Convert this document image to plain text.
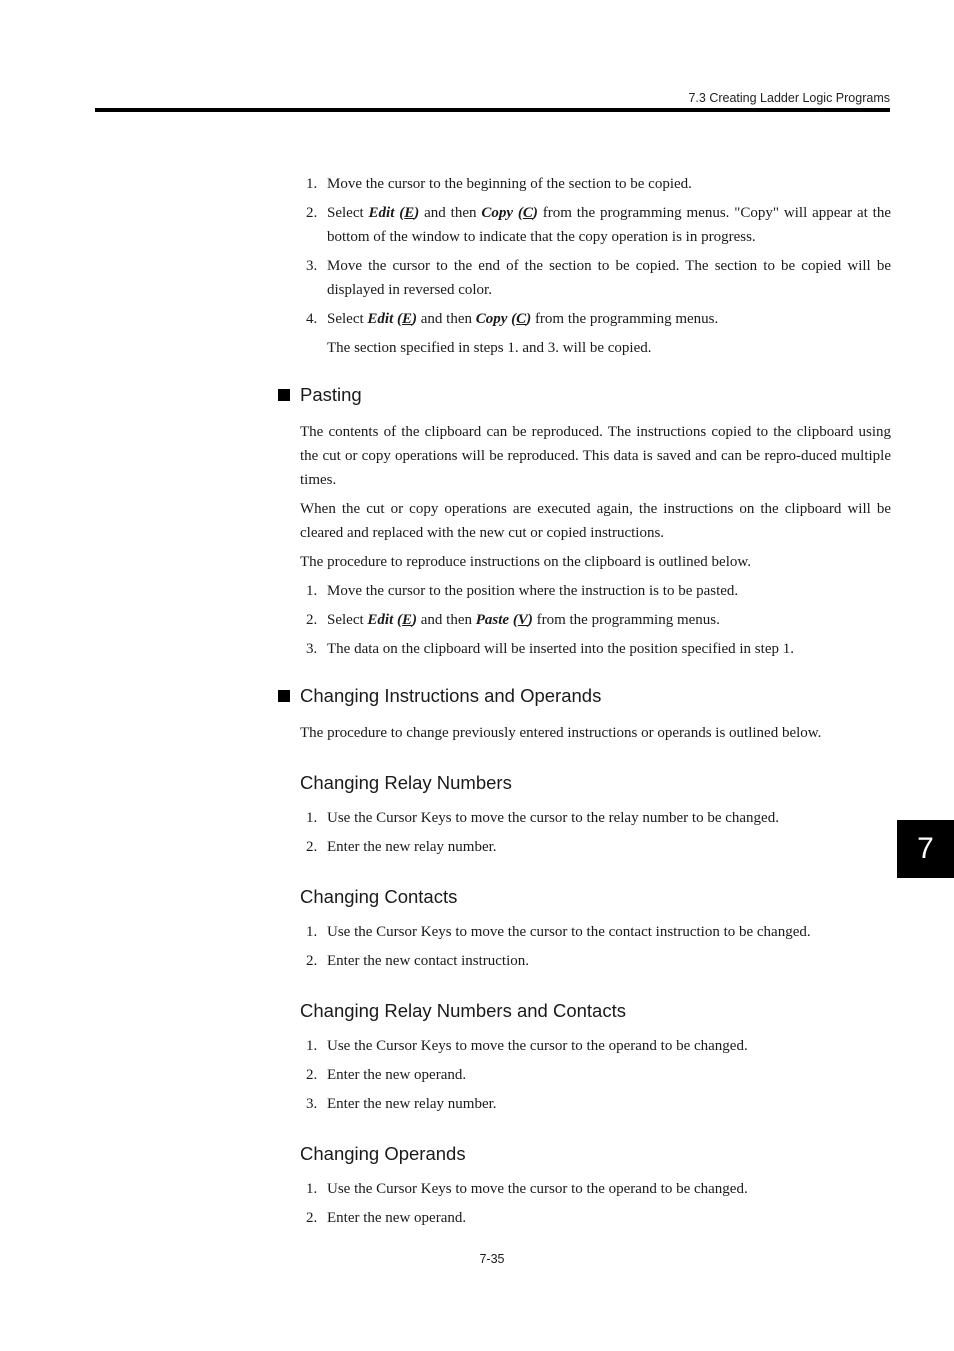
7.3 Creating Ladder Logic Programs
7
1. Move the cursor to the beginning of the section to be copied.
2. Select Edit (E) and then Copy (C) from the programming menus. "Copy" will appear at the bottom of the window to indicate that the copy operation is in progress.
3. Move the cursor to the end of the section to be copied. The section to be copied will be displayed in reversed color.
4. Select Edit (E) and then Copy (C) from the programming menus.

The section specified in steps 1. and 3. will be copied.

Pasting

The contents of the clipboard can be reproduced. The instructions copied to the clipboard using the cut or copy operations will be reproduced. This data is saved and can be repro-duced multiple times.

When the cut or copy operations are executed again, the instructions on the clipboard will be cleared and replaced with the new cut or copied instructions.

The procedure to reproduce instructions on the clipboard is outlined below.

1. Move the cursor to the position where the instruction is to be pasted.
2. Select Edit (E) and then Paste (V) from the programming menus.
3. The data on the clipboard will be inserted into the position specified in step 1.
Changing Instructions and Operands

The procedure to change previously entered instructions or operands is outlined below.

Changing Relay Numbers
1. Use the Cursor Keys to move the cursor to the relay number to be changed.
2. Enter the new relay number.
Changing Contacts
1. Use the Cursor Keys to move the cursor to the contact instruction to be changed.
2. Enter the new contact instruction.
Changing Relay Numbers and Contacts
1. Use the Cursor Keys to move the cursor to the operand to be changed.
2. Enter the new operand.
3. Enter the new relay number.
Changing Operands
1. Use the Cursor Keys to move the cursor to the operand to be changed.
2. Enter the new operand.
7-35
